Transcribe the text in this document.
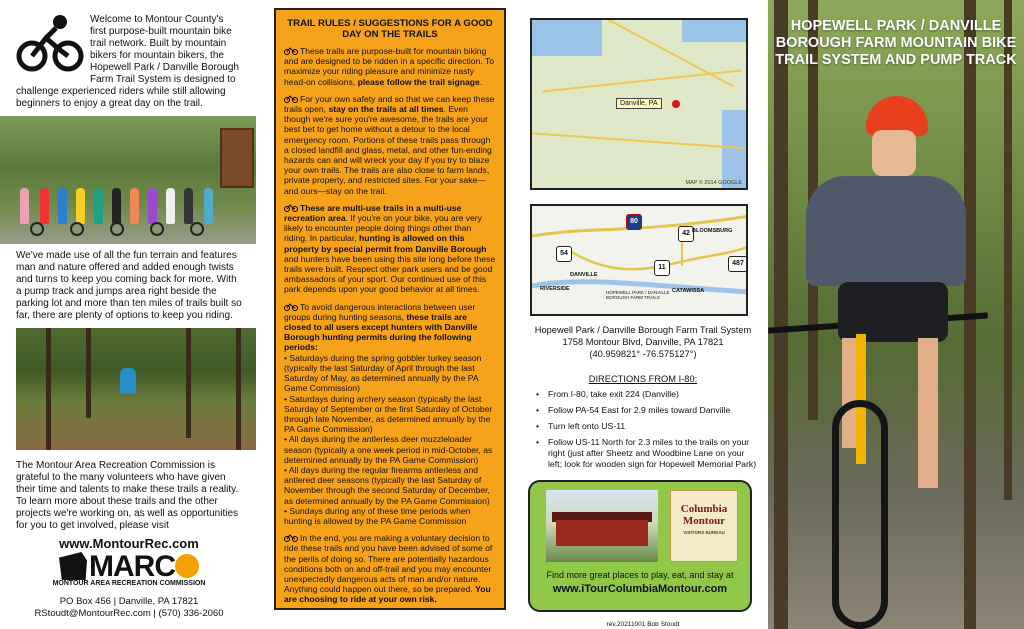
Welcome to Montour County's first purpose-built mountain bike trail network. Built by mountain bikers for mountain bikers, the Hopewell Park / Danville Borough Farm Trail System is designed to challenge experienced riders while still allowing beginners to enjoy a great day on the trail.

We've made use of all the fun terrain and features man and nature offered and added enough twists and turns to keep you coming back for more. With a pump track and jumps area right beside the parking lot and more than ten miles of trails built so far, there are plenty of options to keep you riding.

The Montour Area Recreation Commission is grateful to the many volunteers who have given their time and talents to make these trails a reality. To learn more about these trails and the other projects we're working on, as well as opportunities for you to get involved, please visit

www.MontourRec.com
MARC
MONTOUR AREA RECREATION COMMISSION
PO Box 456 | Danville, PA 17821
RStoudt@MontourRec.com | (570) 336-2060
TRAIL RULES / SUGGESTIONS FOR A GOOD DAY ON THE TRAILS
These trails are purpose-built for mountain biking and are designed to be ridden in a specific direction. To maximize your riding pleasure and minimize nasty head-on collisions, please follow the trail signage.
For your own safety and so that we can keep these trails open, stay on the trails at all times. Even though we're sure you're awesome, the trails are your best bet to get home without a detour to the local emergency room. Portions of these trails pass through a closed landfill and glass, metal, and other fun-ending hazards can and will wreck your day if you try to blaze your own trails. The trails are also close to farm lands, private property, and restricted sites. For your sake—and ours—stay on the trail.
These are multi-use trails in a multi-use recreation area. If you're on your bike, you are very likely to encounter people doing things other than riding. In particular, hunting is allowed on this property by special permit from Danville Borough and hunters have been using this site long before these trails were built. Respect other park users and be good ambassadors of your sport. Our continued use of this park depends upon your good behavior at all times.
To avoid dangerous interactions between user groups during hunting seasons, these trails are closed to all users except hunters with Danville Borough hunting permits during the following periods:
• Saturdays during the spring gobbler turkey season (typically the last Saturday of April through the last Saturday of May, as determined annually by the PA Game Commission)
• Saturdays during archery season (typically the last Saturday of September or the first Saturday of October through late November, as determined annually by the PA Game Commission)
• All days during the antlerless deer muzzleloader season (typically a one week period in mid-October, as determined annually by the PA Game Commission)
• All days during the regular firearms antlerless and antlered deer seasons (typically the last Saturday of November through the second Saturday of December, as determined annually by the PA Game Commission)
• Sundays during any of these time periods when hunting is allowed by the PA Game Commission
In the end, you are making a voluntary decision to ride these trails and you have been advised of some of the perils of doing so. There are potentially hazardous conditions both on and off-trail and you may encounter unexpectedly dangerous acts of man and/or nature. Anything could happen out there, so be prepared. You are choosing to ride at your own risk.
Danville, PA
MAP © 2014 GOOGLE
80
42
54
11
487
BLOOMSBURG
DANVILLE
RIVERSIDE	CATAWISSA
HOPEWELL PARK / DANVILLE BOROUGH FARM TRAILS
Hopewell Park / Danville Borough Farm Trail System
1758 Montour Blvd, Danville, PA 17821
(40.959821° -76.575127°)
DIRECTIONS FROM I-80:
• From I-80, take exit 224 (Danville)
• Follow PA-54 East for 2.9 miles toward Danville
• Turn left onto US-11
• Follow US-11 North for 2.3 miles to the trails on your right (just after Sheetz and Woodbine Lane on your left; look for wooden sign for Hopewell Memorial Park)
Columbia
Montour
VISITORS BUREAU
Find more great places to play, eat, and stay at
www.iTourColumbiaMontour.com
rev.20211001 Bob Stoudt
HOPEWELL PARK / DANVILLE BOROUGH FARM MOUNTAIN BIKE TRAIL SYSTEM AND PUMP TRACK
